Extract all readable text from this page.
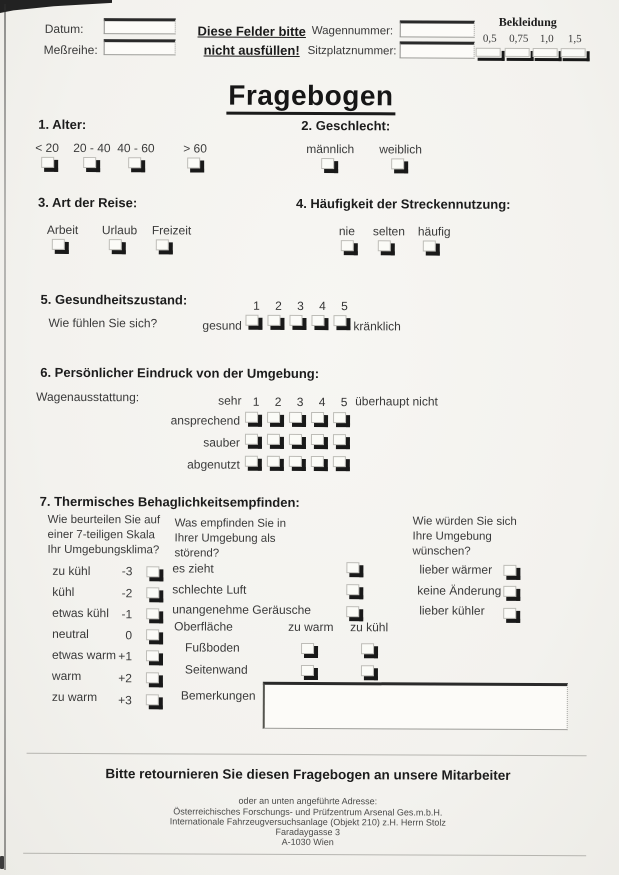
Datum:
Meßreihe:
Diese Felder bitte
nicht ausfüllen!
Wagennummer:
Sitzplatznummer:
Bekleidung
0,5	0,75	1,0	1,5
Fragebogen
1. Alter:
< 20 20 - 40 40 - 60 > 60
2. Geschlecht:
männlich weiblich
3. Art der Reise:
Arbeit Urlaub Freizeit
4. Häufigkeit der Streckennutzung:
nie selten häufig
5. Gesundheitszustand:
Wie fühlen Sie sich?	gesund
1	2	3	4	5
kränklich
6. Persönlicher Eindruck von der Umgebung:
Wagenausstattung:	sehr 1	2	3	4	5 überhaupt nicht
ansprechend
sauber
abgenutzt
7. Thermisches Behaglichkeitsempfinden:
Wie beurteilen Sie auf einer 7-teiligen Skala Ihr Umgebungsklima?
Was empfinden Sie in Ihrer Umgebung als störend?
Wie würden Sie sich Ihre Umgebung wünschen?
zu kühl	-3
kühl	-2
etwas kühl	-1
neutral	0
etwas warm +1
warm	+2
zu warm	+3
es zieht
schlechte Luft
unangenehme Geräusche
Oberfläche	zu warm zu kühl
Fußboden
Seitenwand
Bemerkungen
lieber wärmer
keine Änderung
lieber kühler
Bitte retournieren Sie diesen Fragebogen an unsere Mitarbeiter
oder an unten angeführte Adresse:
Österreichisches Forschungs- und Prüfzentrum Arsenal Ges.m.b.H.
Internationale Fahrzeugversuchsanlage (Objekt 210) z.H. Herrn Stolz
Faradaygasse 3
A-1030 Wien
